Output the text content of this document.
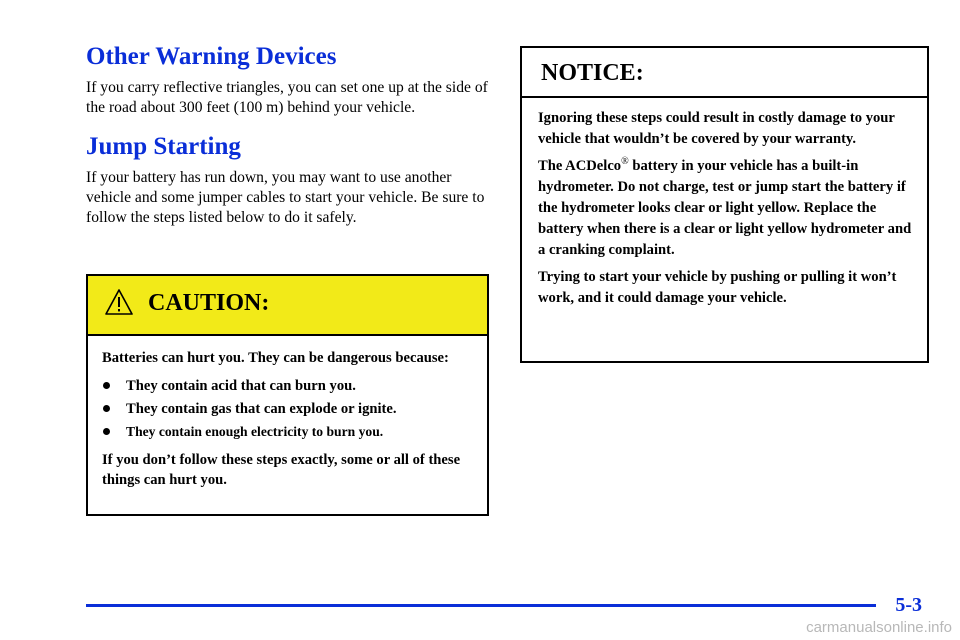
Other Warning Devices

If you carry reflective triangles, you can set one up at the side of the road about 300 feet (100 m) behind your vehicle.

Jump Starting

If your battery has run down, you may want to use another vehicle and some jumper cables to start your vehicle. Be sure to follow the steps listed below to do it safely.

CAUTION:

Batteries can hurt you. They can be dangerous because:

They contain acid that can burn you.
They contain gas that can explode or ignite.
They contain enough electricity to burn you.

If you don’t follow these steps exactly, some or all of these things can hurt you.

NOTICE:

Ignoring these steps could result in costly damage to your vehicle that wouldn’t be covered by your warranty.

The ACDelco® battery in your vehicle has a built-in hydrometer. Do not charge, test or jump start the battery if the hydrometer looks clear or light yellow. Replace the battery when there is a clear or light yellow hydrometer and a cranking complaint.

Trying to start your vehicle by pushing or pulling it won’t work, and it could damage your vehicle.

5-3
carmanualsonline.info
